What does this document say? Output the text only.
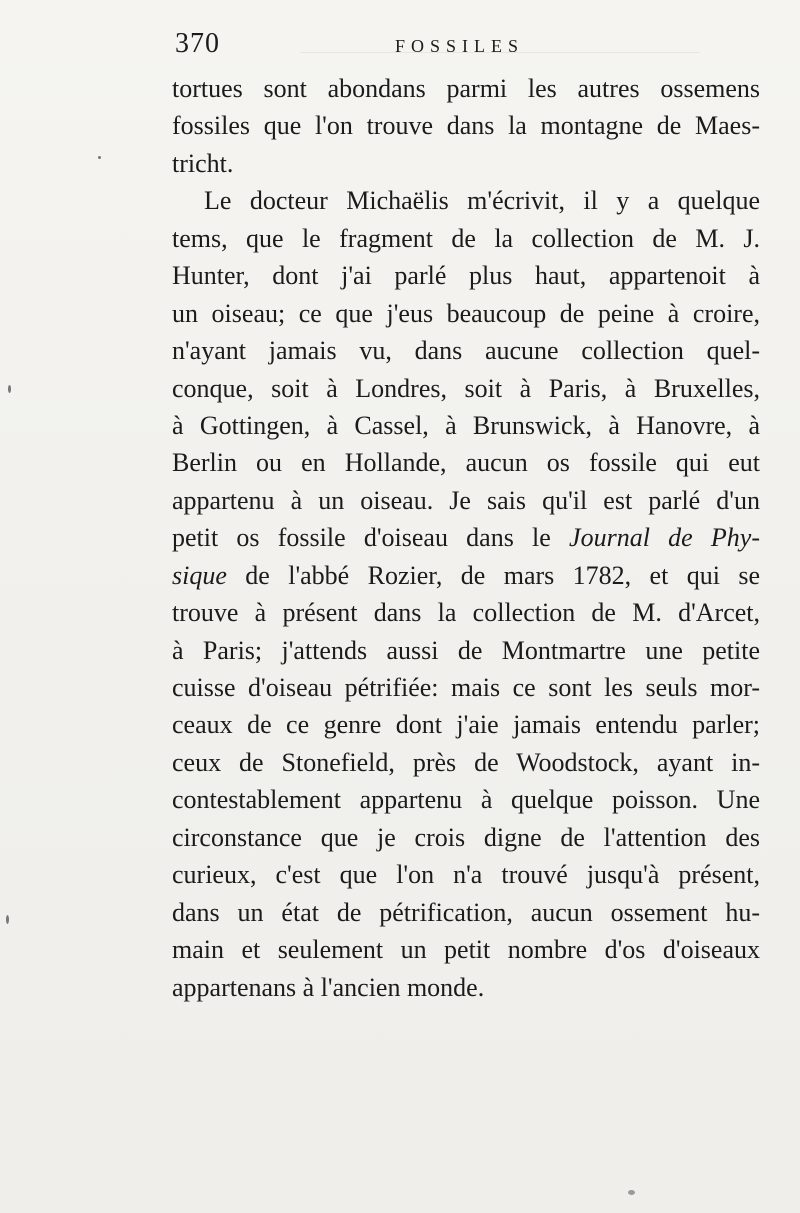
370	FOSSILES
tortues sont abondans parmi les autres ossemens
fossiles que l'on trouve dans la montagne de Maes-
tricht.
Le docteur Michaëlis m'écrivit, il y a quelque
tems, que le fragment de la collection de M. J.
Hunter, dont j'ai parlé plus haut, appartenoit à
un oiseau; ce que j'eus beaucoup de peine à croire,
n'ayant jamais vu, dans aucune collection quel-
conque, soit à Londres, soit à Paris, à Bruxelles,
à Gottingen, à Cassel, à Brunswick, à Hanovre, à
Berlin ou en Hollande, aucun os fossile qui eut
appartenu à un oiseau. Je sais qu'il est parlé d'un
petit os fossile d'oiseau dans le Journal de Phy-
sique de l'abbé Rozier, de mars 1782, et qui se
trouve à présent dans la collection de M. d'Arcet,
à Paris; j'attends aussi de Montmartre une petite
cuisse d'oiseau pétrifiée: mais ce sont les seuls mor-
ceaux de ce genre dont j'aie jamais entendu parler;
ceux de Stonefield, près de Woodstock, ayant in-
contestablement appartenu à quelque poisson. Une
circonstance que je crois digne de l'attention des
curieux, c'est que l'on n'a trouvé jusqu'à présent,
dans un état de pétrification, aucun ossement hu-
main et seulement un petit nombre d'os d'oiseaux
appartenans à l'ancien monde.
